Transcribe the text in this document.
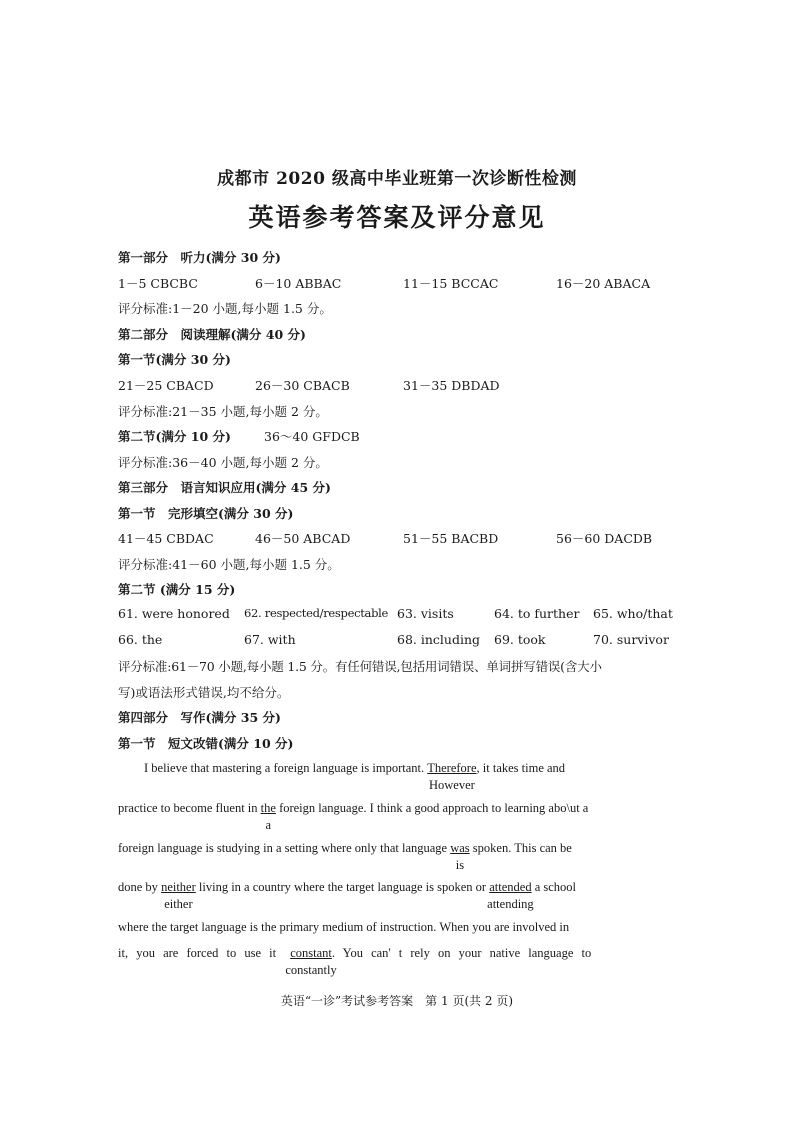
成都市 2020 级高中毕业班第一次诊断性检测
英语参考答案及评分意见
第一部分　听力(满分 30 分)
1－5 CBCBC	6－10 ABBAC	11－15 BCCAC	16－20 ABACA
评分标准:1－20 小题,每小题 1.5 分。
第二部分　阅读理解(满分 40 分)
第一节(满分 30 分)
21－25 CBACD	26－30 CBACB	31－35 DBDAD
评分标准:21－35 小题,每小题 2 分。
第二节(满分 10 分)	36～40 GFDCB
评分标准:36－40 小题,每小题 2 分。
第三部分　语言知识应用(满分 45 分)
第一节　完形填空(满分 30 分)
41－45 CBDAC	46－50 ABCAD	51－55 BACBD	56－60 DACDB
评分标准:41－60 小题,每小题 1.5 分。
第二节 (满分 15 分)
61. were honored 62. respected/respectable 63. visits	64. to further 65. who/that
66. the	67. with	68. including 69. took	70. survivor
评分标准:61－70 小题,每小题 1.5 分。有任何错误,包括用词错误、单词拼写错误(含大小
写)或语法形式错误,均不给分。
第四部分　写作(满分 35 分)
第一节　短文改错(满分 10 分)
I believe that mastering a foreign language is important. Therefore
However
, it takes time and
practice to become fluent in the
a
foreign language. I think a good approach to learning abo\ut a
foreign language is studying in a setting where only that language was
is
spoken. This can be
done by neither
either
living in a country where the target language is spoken or attended
attending
a school
where the target language is the primary medium of instruction. When you are involved in
it, you are forced to use it constant
constantly
. You can' t rely on your native language to
英语“一诊”考试参考答案　第 1 页(共 2 页)
